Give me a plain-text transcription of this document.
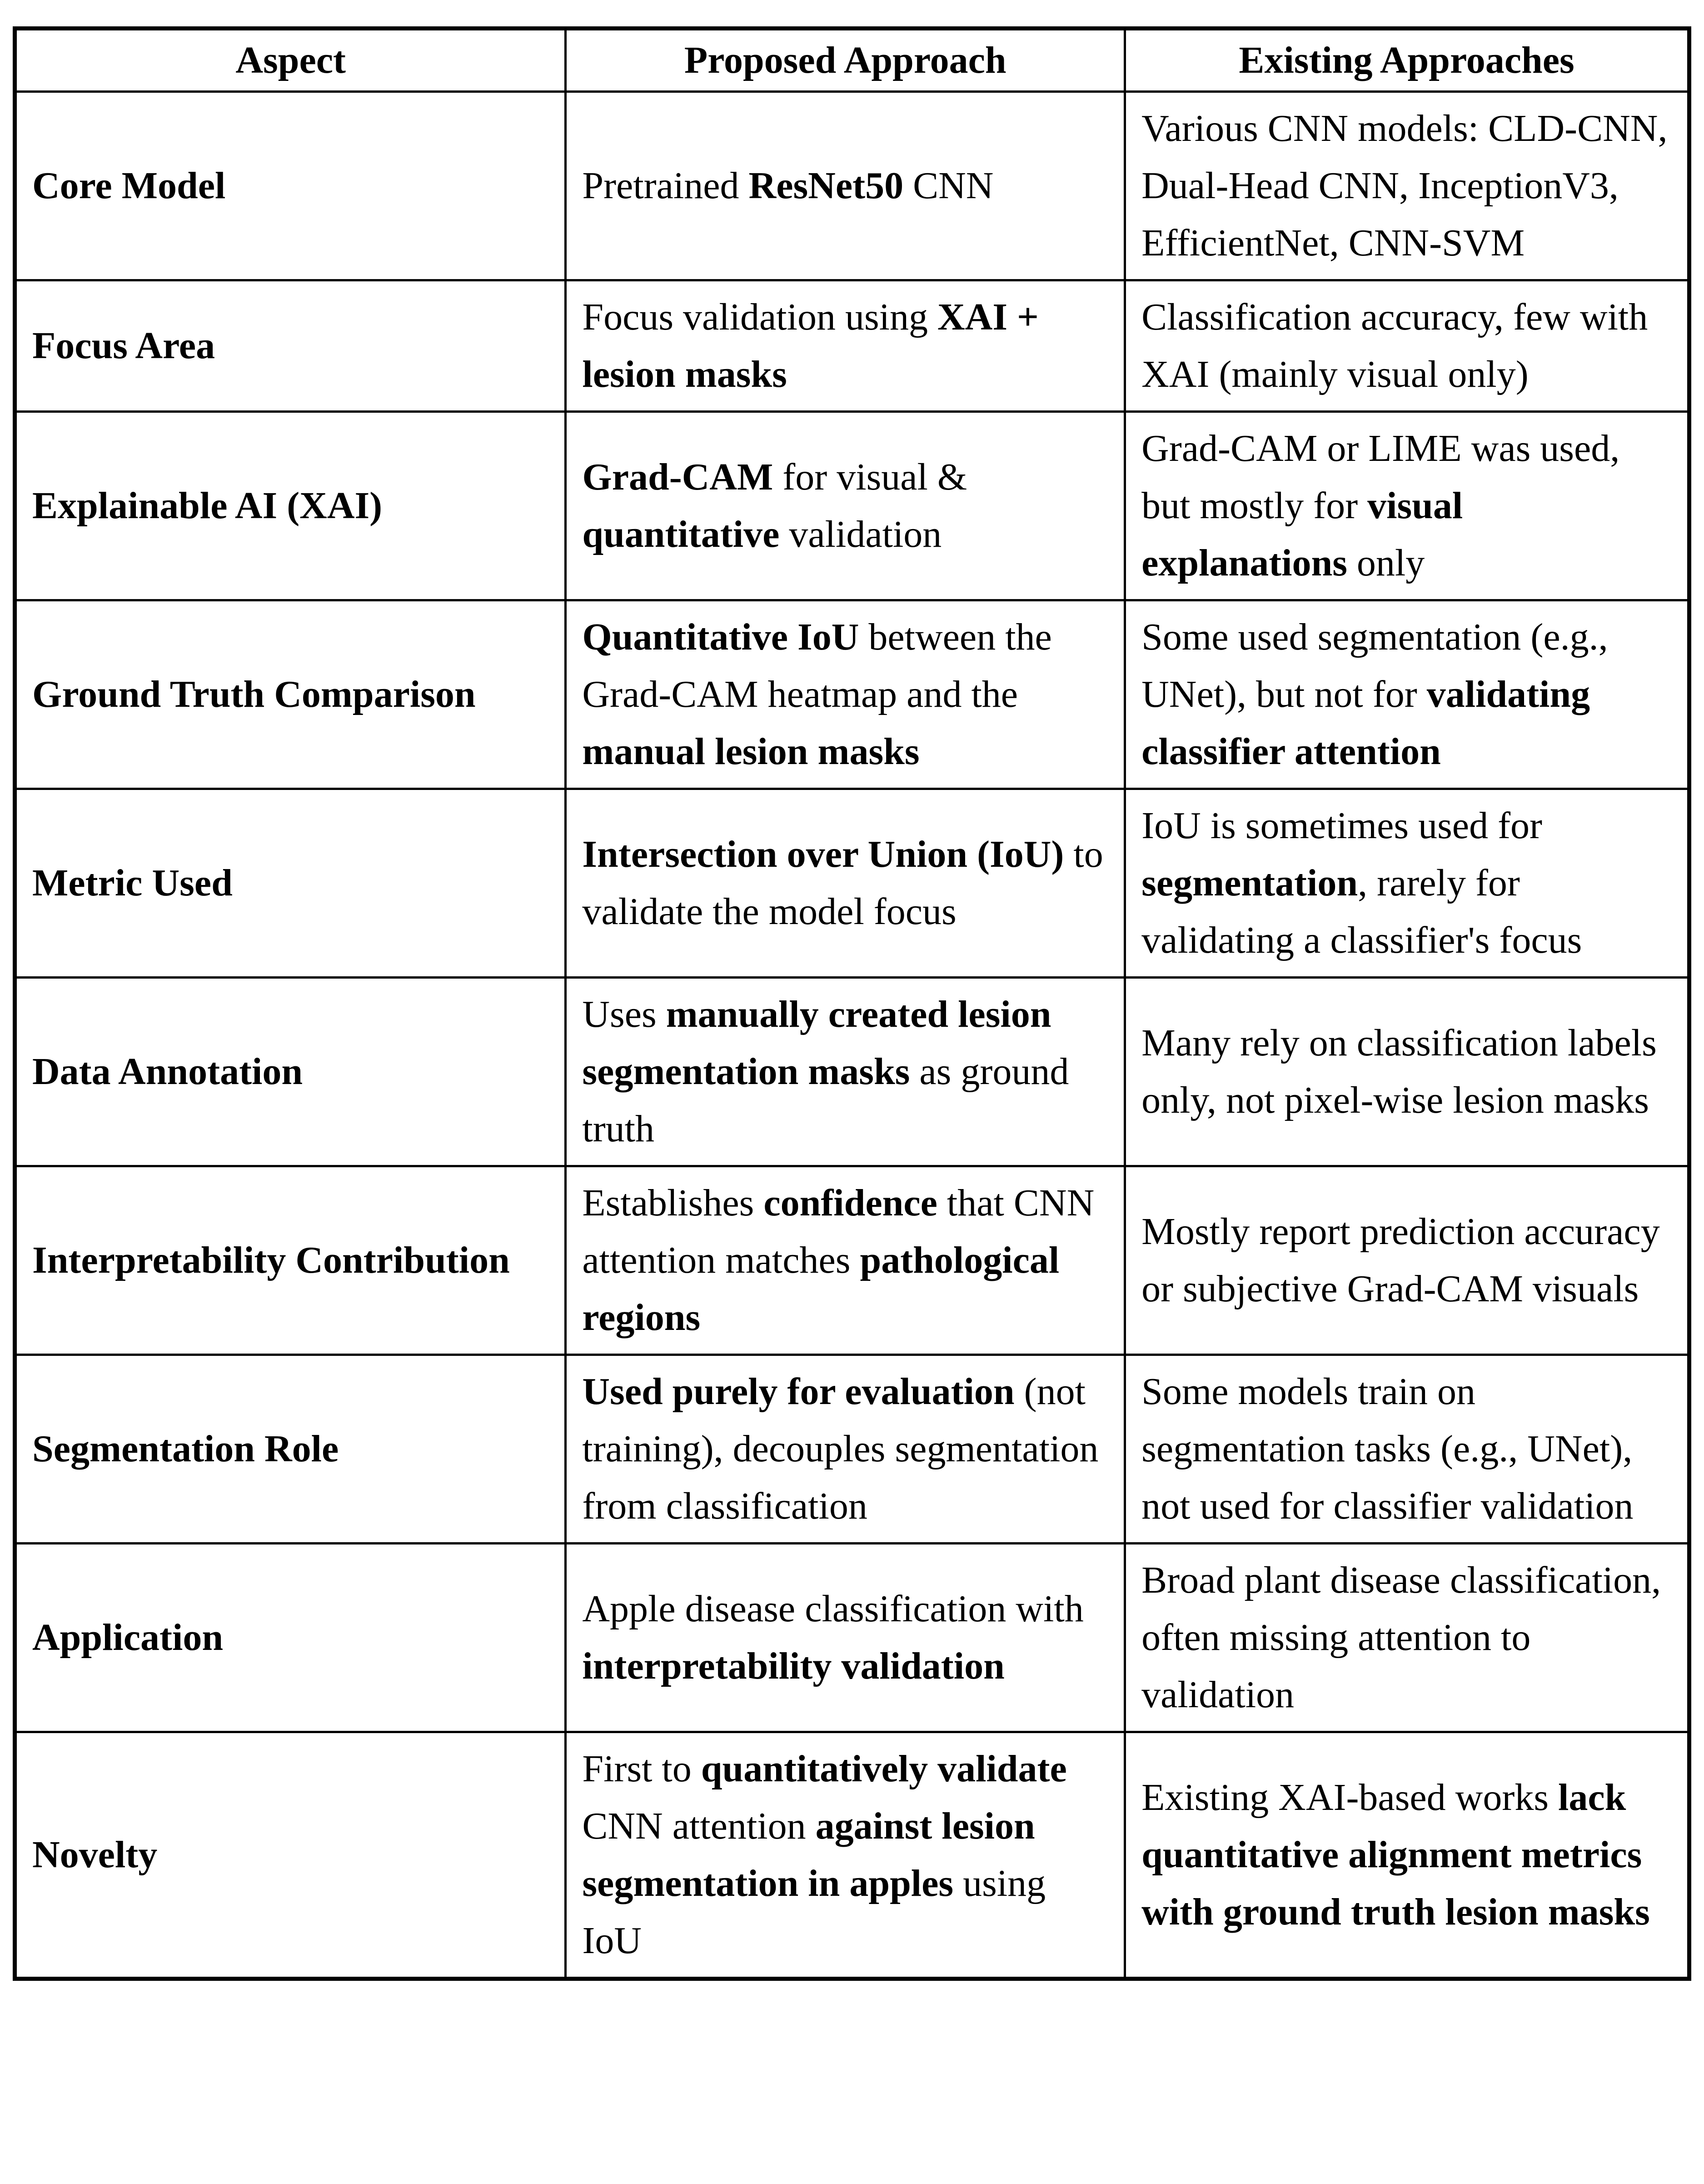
Aspect	Proposed Approach	Existing Approaches
Core Model	Pretrained ResNet50 CNN	Various CNN models: CLD-CNN, Dual-Head CNN, InceptionV3, EfficientNet, CNN-SVM
Focus Area	Focus validation using XAI + lesion masks	Classification accuracy, few with XAI (mainly visual only)
Explainable AI (XAI)	Grad-CAM for visual & quantitative validation	Grad-CAM or LIME was used, but mostly for visual explanations only
Ground Truth Comparison	Quantitative IoU between the Grad-CAM heatmap and the manual lesion masks	Some used segmentation (e.g., UNet), but not for validating classifier attention
Metric Used	Intersection over Union (IoU) to validate the model focus	IoU is sometimes used for segmentation, rarely for validating a classifier's focus
Data Annotation	Uses manually created lesion segmentation masks as ground truth	Many rely on classification labels only, not pixel-wise lesion masks
Interpretability Contribution	Establishes confidence that CNN attention matches pathological regions	Mostly report prediction accuracy or subjective Grad-CAM visuals
Segmentation Role	Used purely for evaluation (not training), decouples segmentation from classification	Some models train on segmentation tasks (e.g., UNet), not used for classifier validation
Application	Apple disease classification with interpretability validation	Broad plant disease classification, often missing attention to validation
Novelty	First to quantitatively validate CNN attention against lesion segmentation in apples using IoU	Existing XAI-based works lack quantitative alignment metrics with ground truth lesion masks
